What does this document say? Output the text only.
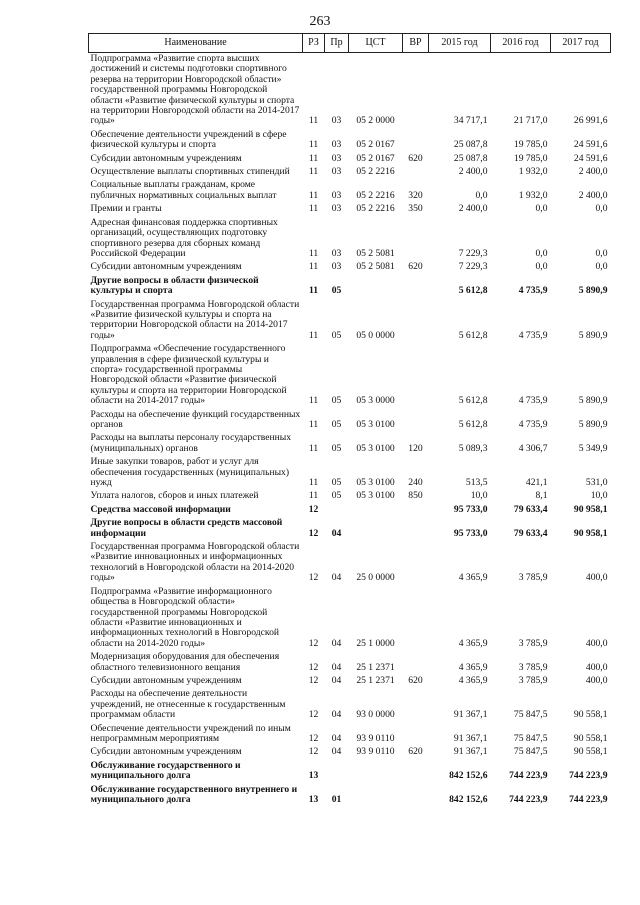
263
Наименование	РЗ	Пр	ЦСТ	ВР	2015 год	2016 год	2017 год
Подпрограмма «Развитие спорта высших достижений и системы подготовки спортивного резерва на территории Новгородской области» государственной программы Новгородской области «Развитие физической культуры и спорта на территории Новгородской области на 2014-2017 годы»	11	03	05 2 0000		34 717,1	21 717,0	26 991,6
Обеспечение деятельности учреждений в сфере физической культуры и спорта	11	03	05 2 0167		25 087,8	19 785,0	24 591,6
Субсидии автономным учреждениям	11	03	05 2 0167	620	25 087,8	19 785,0	24 591,6
Осуществление выплаты спортивных стипендий	11	03	05 2 2216		2 400,0	1 932,0	2 400,0
Социальные выплаты гражданам, кроме публичных нормативных социальных выплат	11	03	05 2 2216	320	0,0	1 932,0	2 400,0
Премии и гранты	11	03	05 2 2216	350	2 400,0	0,0	0,0
Адресная финансовая поддержка спортивных организаций, осуществляющих подготовку спортивного резерва для сборных команд Российской Федерации	11	03	05 2 5081		7 229,3	0,0	0,0
Субсидии автономным учреждениям	11	03	05 2 5081	620	7 229,3	0,0	0,0
Другие вопросы в области физической культуры и спорта	11	05			5 612,8	4 735,9	5 890,9
Государственная программа Новгородской области «Развитие физической культуры и спорта на территории Новгородской области на 2014-2017 годы»	11	05	05 0 0000		5 612,8	4 735,9	5 890,9
Подпрограмма «Обеспечение государственного управления в сфере физической культуры и спорта» государственной программы Новгородской области «Развитие физической культуры и спорта на территории Новгородской области на 2014-2017 годы»	11	05	05 3 0000		5 612,8	4 735,9	5 890,9
Расходы на обеспечение функций государственных органов	11	05	05 3 0100		5 612,8	4 735,9	5 890,9
Расходы на выплаты персоналу государственных (муниципальных) органов	11	05	05 3 0100	120	5 089,3	4 306,7	5 349,9
Иные закупки товаров, работ и услуг для обеспечения государственных (муниципальных) нужд	11	05	05 3 0100	240	513,5	421,1	531,0
Уплата налогов, сборов и иных платежей	11	05	05 3 0100	850	10,0	8,1	10,0
Средства массовой информации	12				95 733,0	79 633,4	90 958,1
Другие вопросы в области средств массовой информации	12	04			95 733,0	79 633,4	90 958,1
Государственная программа Новгородской области «Развитие инновационных и информационных технологий в Новгородской области на 2014-2020 годы»	12	04	25 0 0000		4 365,9	3 785,9	400,0
Подпрограмма «Развитие информационного общества в Новгородской области» государственной программы Новгородской области «Развитие инновационных и информационных технологий в Новгородской области на 2014-2020 годы»	12	04	25 1 0000		4 365,9	3 785,9	400,0
Модернизация оборудования для обеспечения областного телевизионного вещания	12	04	25 1 2371		4 365,9	3 785,9	400,0
Субсидии автономным учреждениям	12	04	25 1 2371	620	4 365,9	3 785,9	400,0
Расходы на обеспечение деятельности учреждений, не отнесенные к государственным программам области	12	04	93 0 0000		91 367,1	75 847,5	90 558,1
Обеспечение деятельности учреждений по иным непрограммным мероприятиям	12	04	93 9 0110		91 367,1	75 847,5	90 558,1
Субсидии автономным учреждениям	12	04	93 9 0110	620	91 367,1	75 847,5	90 558,1
Обслуживание государственного и муниципального долга	13				842 152,6	744 223,9	744 223,9
Обслуживание государственного внутреннего и муниципального долга	13	01			842 152,6	744 223,9	744 223,9
